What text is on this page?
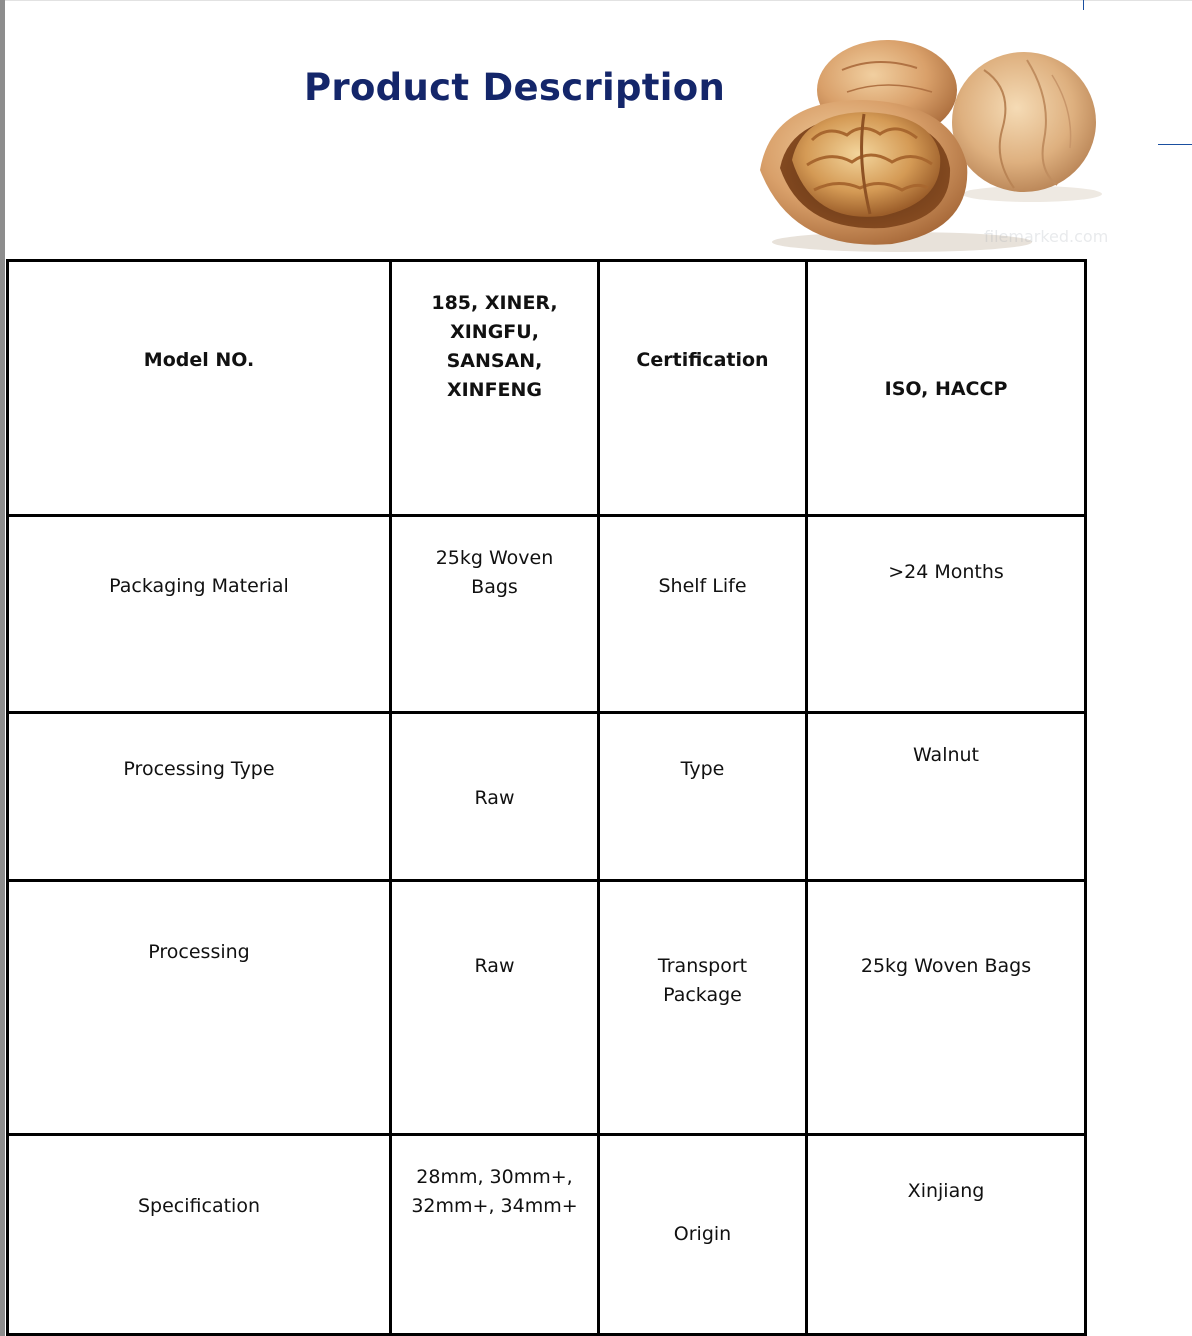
Product Description
filemarked.com
Model NO.	185, XINER,
XINGFU,
SANSAN,
XINFENG	Certification	ISO, HACCP

Packaging Material	25kg Woven
Bags	Shelf Life	>24 Months

Processing Type	Raw	Type	Walnut

Processing	Raw	Transport
Package	25kg Woven Bags

Specification	28mm, 30mm+,
32mm+, 34mm+	Origin	Xinjiang
